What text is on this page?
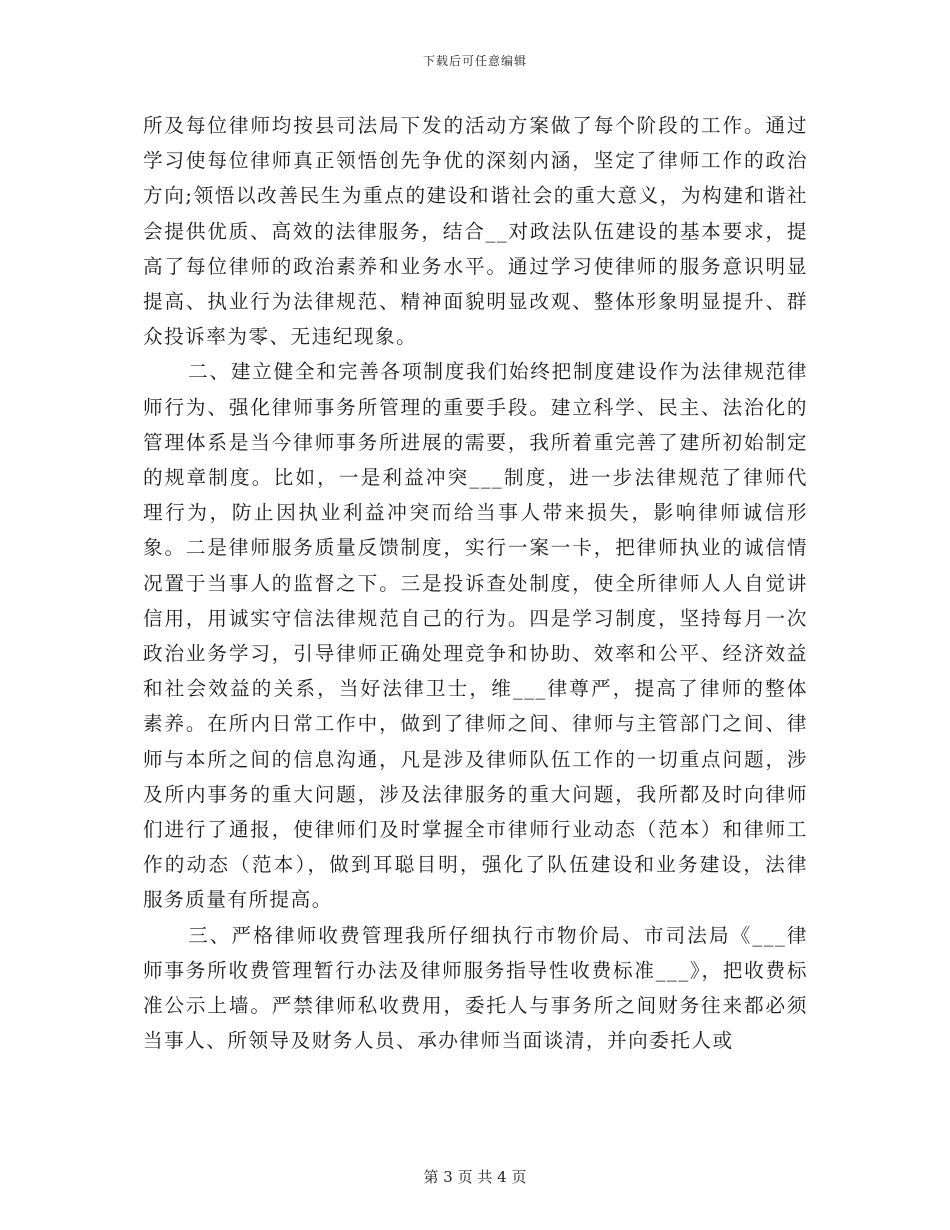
下载后可任意编辑

所及每位律师均按县司法局下发的活动方案做了每个阶段的工作。通过学习使每位律师真正领悟创先争优的深刻内涵，坚定了律师工作的政治方向;领悟以改善民生为重点的建设和谐社会的重大意义，为构建和谐社会提供优质、高效的法律服务，结合__对政法队伍建设的基本要求，提高了每位律师的政治素养和业务水平。通过学习使律师的服务意识明显提高、执业行为法律规范、精神面貌明显改观、整体形象明显提升、群众投诉率为零、无违纪现象。

二、建立健全和完善各项制度我们始终把制度建设作为法律规范律师行为、强化律师事务所管理的重要手段。建立科学、民主、法治化的管理体系是当今律师事务所进展的需要，我所着重完善了建所初始制定的规章制度。比如，一是利益冲突___制度，进一步法律规范了律师代理行为，防止因执业利益冲突而给当事人带来损失，影响律师诚信形象。二是律师服务质量反馈制度，实行一案一卡，把律师执业的诚信情况置于当事人的监督之下。三是投诉查处制度，使全所律师人人自觉讲信用，用诚实守信法律规范自己的行为。四是学习制度，坚持每月一次政治业务学习，引导律师正确处理竞争和协助、效率和公平、经济效益和社会效益的关系，当好法律卫士，维___律尊严，提高了律师的整体素养。在所内日常工作中，做到了律师之间、律师与主管部门之间、律师与本所之间的信息沟通，凡是涉及律师队伍工作的一切重点问题，涉及所内事务的重大问题，涉及法律服务的重大问题，我所都及时向律师们进行了通报，使律师们及时掌握全市律师行业动态（范本）和律师工作的动态（范本），做到耳聪目明，强化了队伍建设和业务建设，法律服务质量有所提高。

三、严格律师收费管理我所仔细执行市物价局、市司法局《___律师事务所收费管理暂行办法及律师服务指导性收费标准___》，把收费标准公示上墙。严禁律师私收费用，委托人与事务所之间财务往来都必须当事人、所领导及财务人员、承办律师当面谈清，并向委托人或

第 3 页 共 4 页
